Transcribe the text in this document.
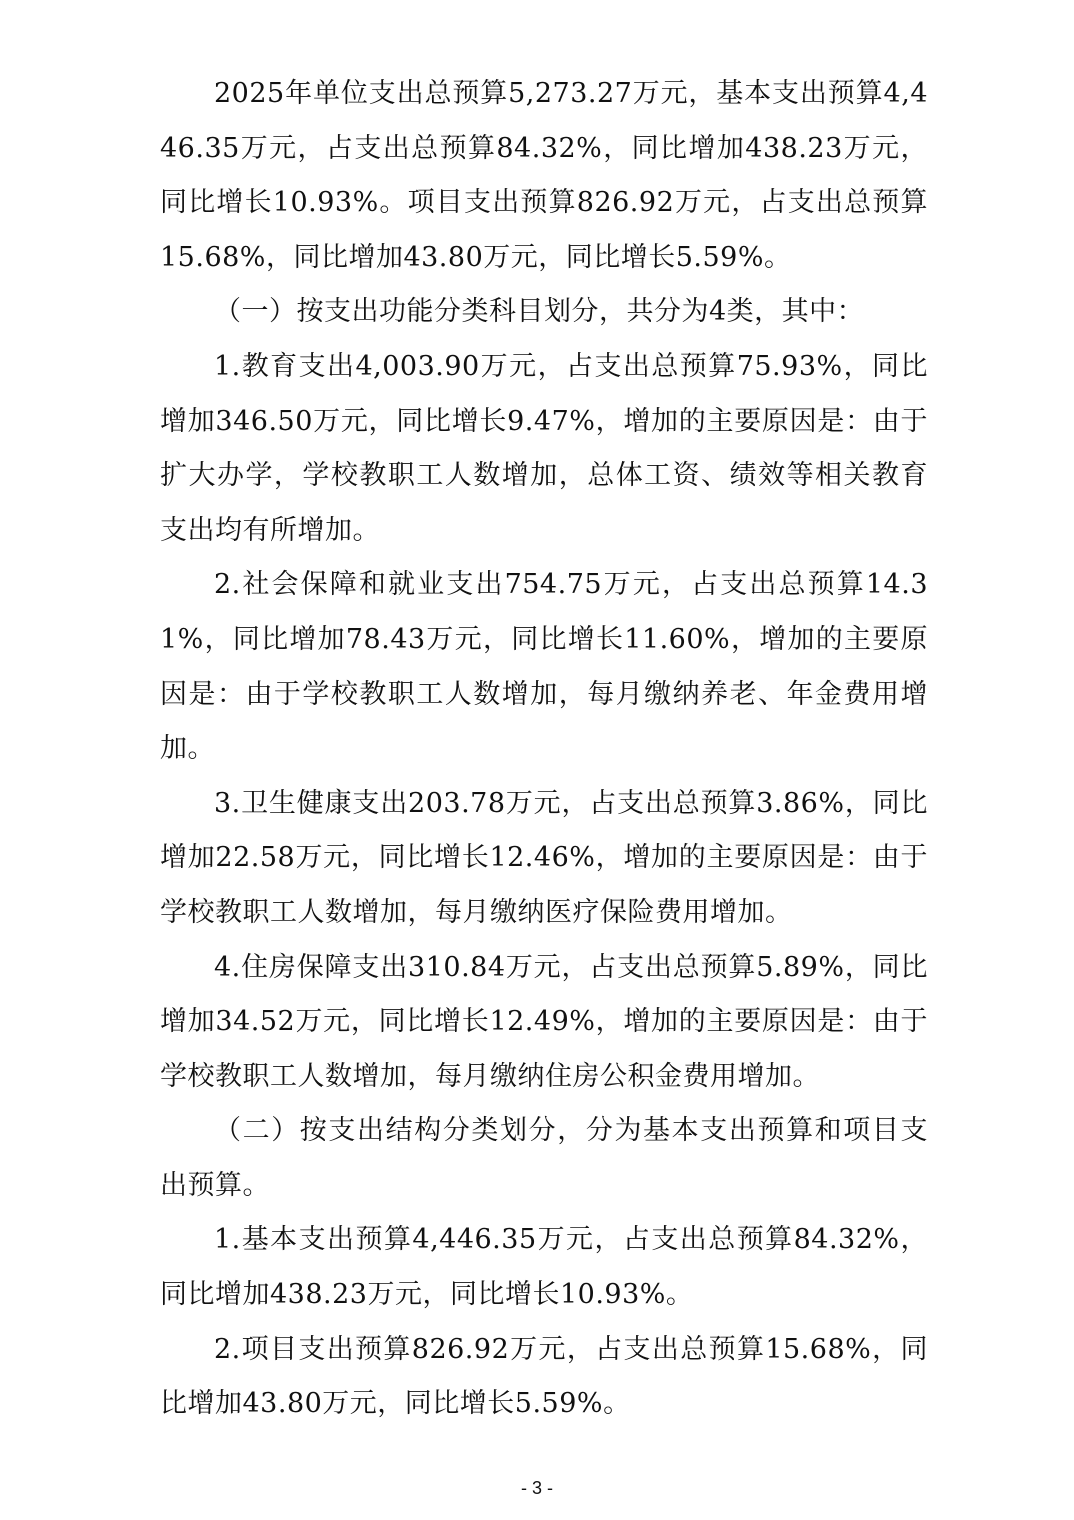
2025年单位支出总预算5,273.27万元，基本支出预算4,446.35万元，占支出总预算84.32%，同比增加438.23万元，同比增长10.93%。项目支出预算826.92万元，占支出总预算15.68%，同比增加43.80万元，同比增长5.59%。

（一）按支出功能分类科目划分，共分为4类，其中：

1.教育支出4,003.90万元，占支出总预算75.93%，同比增加346.50万元，同比增长9.47%，增加的主要原因是：由于扩大办学，学校教职工人数增加，总体工资、绩效等相关教育支出均有所增加。

2.社会保障和就业支出754.75万元，占支出总预算14.31%，同比增加78.43万元，同比增长11.60%，增加的主要原因是：由于学校教职工人数增加，每月缴纳养老、年金费用增加。

3.卫生健康支出203.78万元，占支出总预算3.86%，同比增加22.58万元，同比增长12.46%，增加的主要原因是：由于学校教职工人数增加，每月缴纳医疗保险费用增加。

4.住房保障支出310.84万元，占支出总预算5.89%，同比增加34.52万元，同比增长12.49%，增加的主要原因是：由于学校教职工人数增加，每月缴纳住房公积金费用增加。

（二）按支出结构分类划分，分为基本支出预算和项目支出预算。

1.基本支出预算4,446.35万元，占支出总预算84.32%，同比增加438.23万元，同比增长10.93%。

2.项目支出预算826.92万元，占支出总预算15.68%，同比增加43.80万元，同比增长5.59%。

- 3 -
